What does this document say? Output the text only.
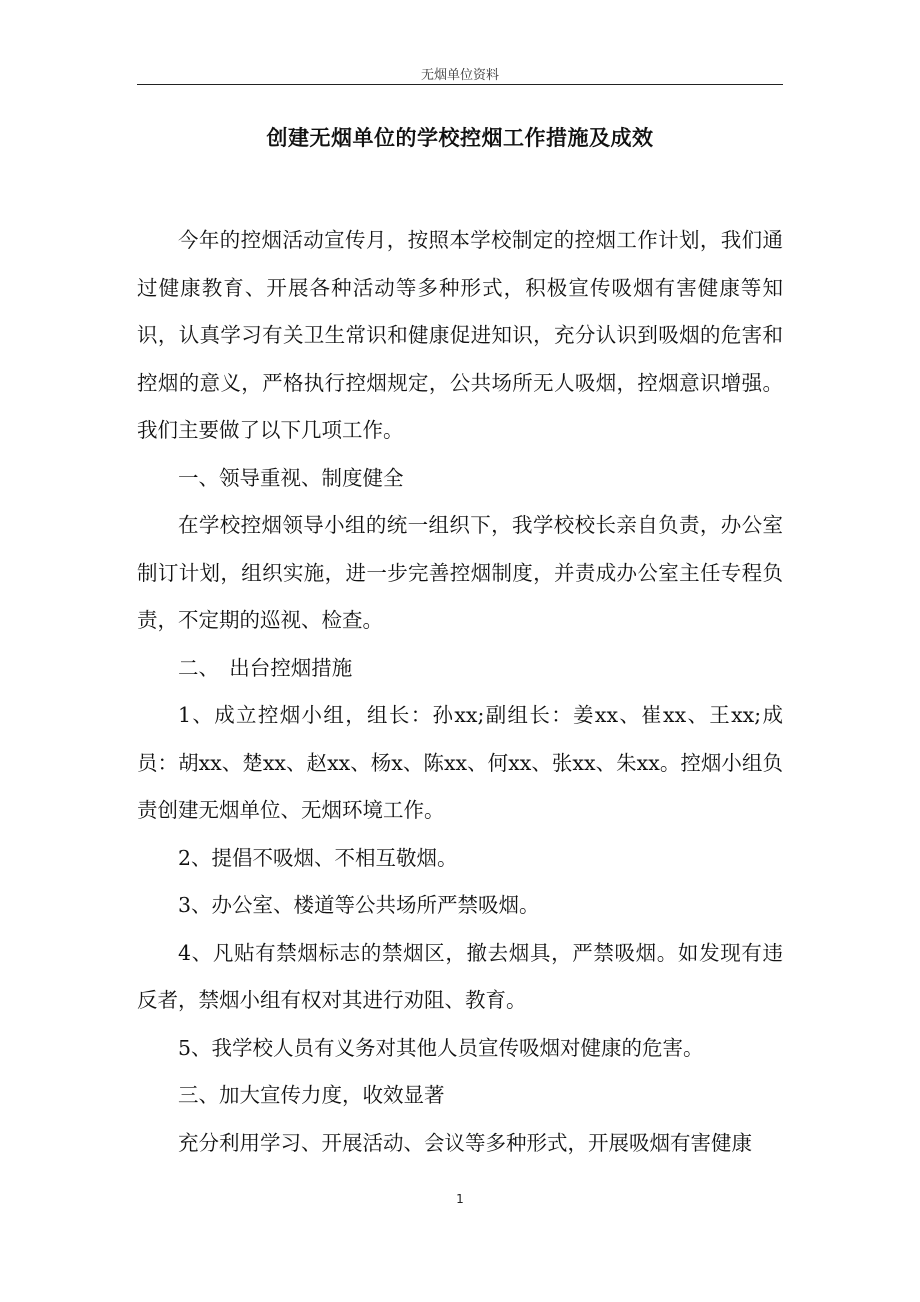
无烟单位资料
创建无烟单位的学校控烟工作措施及成效

今年的控烟活动宣传月，按照本学校制定的控烟工作计划，我们通过健康教育、开展各种活动等多种形式，积极宣传吸烟有害健康等知识，认真学习有关卫生常识和健康促进知识，充分认识到吸烟的危害和控烟的意义，严格执行控烟规定，公共场所无人吸烟，控烟意识增强。我们主要做了以下几项工作。

一、领导重视、制度健全

在学校控烟领导小组的统一组织下，我学校校长亲自负责，办公室制订计划，组织实施，进一步完善控烟制度，并责成办公室主任专程负责，不定期的巡视、检查。

二、　出台控烟措施

1、成立控烟小组，组长：孙xx;副组长：姜xx、崔xx、王xx;成员：胡xx、楚xx、赵xx、杨x、陈xx、何xx、张xx、朱xx。控烟小组负责创建无烟单位、无烟环境工作。

2、提倡不吸烟、不相互敬烟。

3、办公室、楼道等公共场所严禁吸烟。

4、凡贴有禁烟标志的禁烟区，撤去烟具，严禁吸烟。如发现有违反者，禁烟小组有权对其进行劝阻、教育。

5、我学校人员有义务对其他人员宣传吸烟对健康的危害。

三、加大宣传力度，收效显著

充分利用学习、开展活动、会议等多种形式，开展吸烟有害健康

1
